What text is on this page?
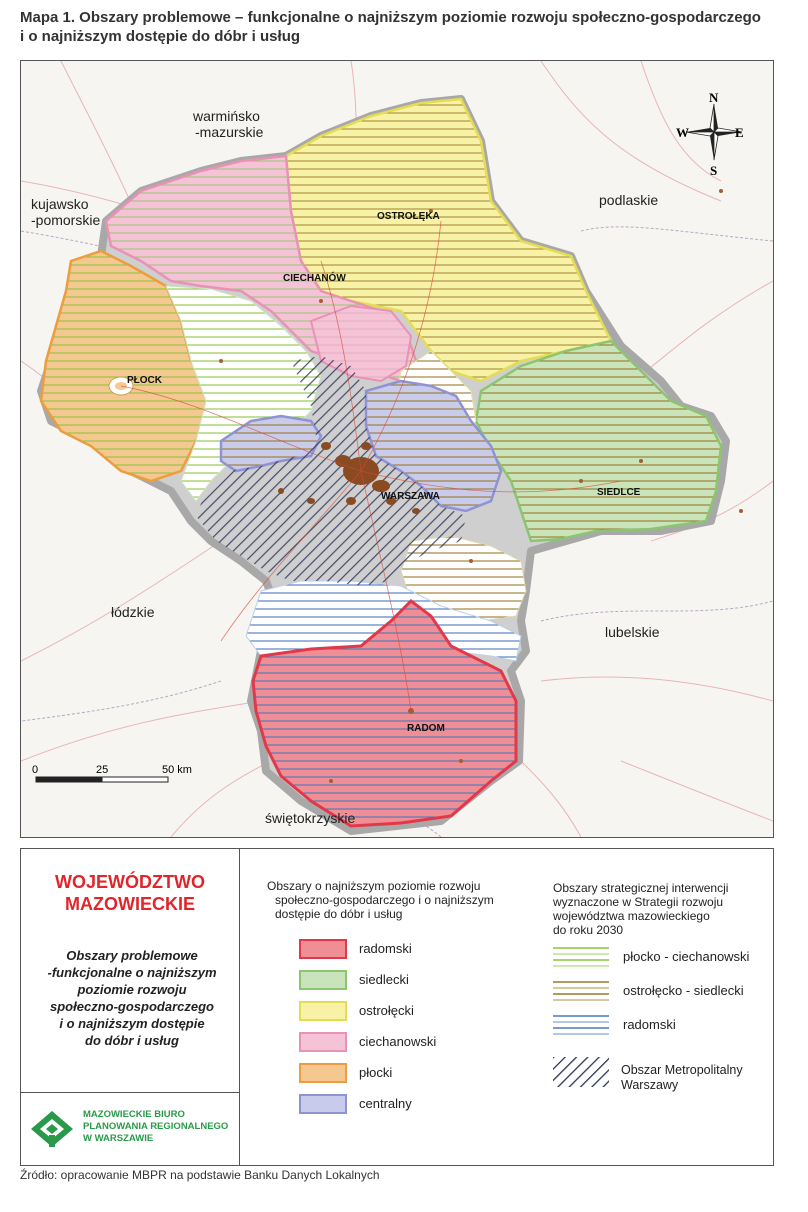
Mapa 1. Obszary problemowe – funkcjonalne o najniższym poziomie rozwoju społeczno-gospodarczego
i o najniższym dostępie do dóbr i usług
warmińsko
-mazurskie
kujawsko
-pomorskie
podlaskie
łódzkie
lubelskie
świętokrzyskie
OSTROŁĘKA
CIECHANÓW
PŁOCK
WARSZAWA	SIEDLCE
RADOM
N
S
E
W
0	25	50 km
WOJEWÓDZTWO
MAZOWIECKIE
Obszary problemowe
-funkcjonalne o najniższym
poziomie rozwoju
społeczno-gospodarczego
i o najniższym dostępie
do dóbr i usług
MAZOWIECKIE BIURO
PLANOWANIA REGIONALNEGO
W WARSZAWIE
Obszary o najniższym poziomie rozwoju
społeczno-gospodarczego i o najniższym
dostępie do dóbr i usług
radomski
siedlecki
ostrołęcki
ciechanowski
płocki
centralny
Obszary strategicznej interwencji
wyznaczone w Strategii rozwoju
województwa mazowieckiego
do roku 2030
płocko - ciechanowski
ostrołęcko - siedlecki
radomski
Obszar Metropolitalny
Warszawy
Źródło: opracowanie MBPR na podstawie Banku Danych Lokalnych
